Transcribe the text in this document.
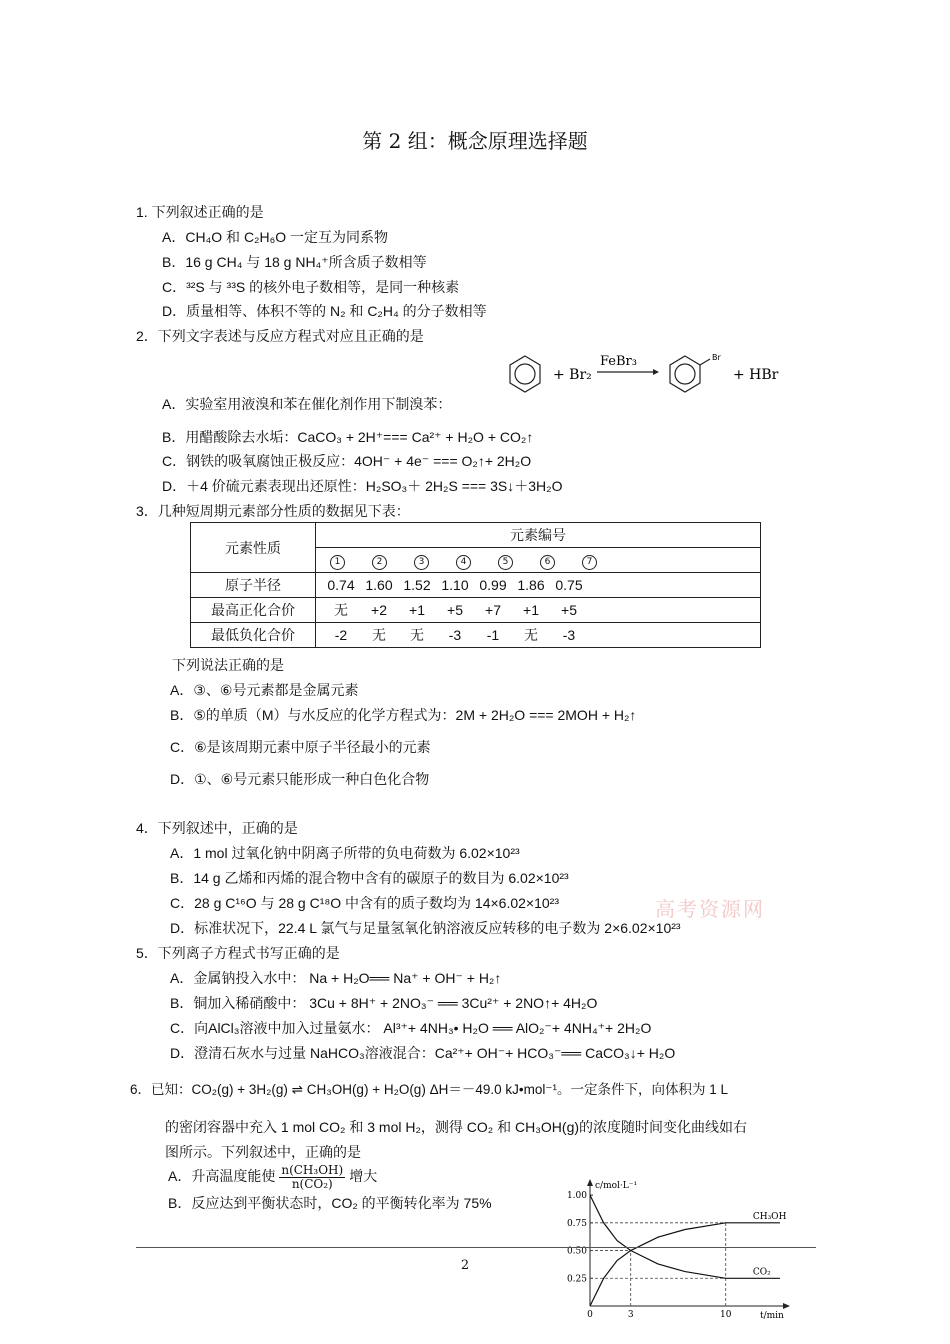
第 2 组：概念原理选择题
1. 下列叙述正确的是
A．CH₄O 和 C₂H₆O 一定互为同系物
B．16 g CH₄ 与 18 g NH₄⁺所含质子数相等
C．³²S 与 ³³S 的核外电子数相等，是同一种核素
D．质量相等、体积不等的 N₂ 和 C₂H₄ 的分子数相等
2．下列文字表述与反应方程式对应且正确的是
+ Br₂
FeBr₃	Br
+ HBr
A．实验室用液溴和苯在催化剂作用下制溴苯：
B．用醋酸除去水垢：CaCO₃ + 2H⁺=== Ca²⁺ + H₂O + CO₂↑
C．钢铁的吸氧腐蚀正极反应：4OH⁻ + 4e⁻ === O₂↑+ 2H₂O
D．＋4 价硫元素表现出还原性：H₂SO₃＋ 2H₂S === 3S↓＋3H₂O
3．几种短周期元素部分性质的数据见下表：
元素性质	元素编号
	1 2 3 4 5 6 7
原子半径	0.74 1.60 1.52 1.10 0.99 1.86 0.75
最高正化合价	无 +2 +1 +5 +7 +1 +5
最低负化合价	-2 无 无 -3 -1 无 -3
下列说法正确的是
A．③、⑥号元素都是金属元素
B．⑤的单质（M）与水反应的化学方程式为：2M + 2H₂O === 2MOH + H₂↑
C．⑥是该周期元素中原子半径最小的元素
D．①、⑥号元素只能形成一种白色化合物
4．下列叙述中，正确的是
A．1 mol 过氧化钠中阴离子所带的负电荷数为 6.02×10²³
B．14 g 乙烯和丙烯的混合物中含有的碳原子的数目为 6.02×10²³
C．28 g C¹⁶O 与 28 g C¹⁸O 中含有的质子数均为 14×6.02×10²³
D．标准状况下，22.4 L 氯气与足量氢氧化钠溶液反应转移的电子数为 2×6.02×10²³
高考资源网
5．下列离子方程式书写正确的是
A．金属钠投入水中： Na + H₂O══ Na⁺ + OH⁻ + H₂↑
B．铜加入稀硝酸中： 3Cu + 8H⁺ + 2NO₃⁻ ══ 3Cu²⁺ + 2NO↑+ 4H₂O
C．向AlCl₃溶液中加入过量氨水： Al³⁺+ 4NH₃• H₂O ══ AlO₂⁻+ 4NH₄⁺+ 2H₂O
D．澄清石灰水与过量 NaHCO₃溶液混合：Ca²⁺+ OH⁻+ HCO₃⁻══ CaCO₃↓+ H₂O
6．已知：CO₂(g) + 3H₂(g) ⇌ CH₃OH(g) + H₂O(g) ΔH＝－49.0 kJ•mol⁻¹。一定条件下，向体积为 1 L
的密闭容器中充入 1 mol CO₂ 和 3 mol H₂，测得 CO₂ 和 CH₃OH(g)的浓度随时间变化曲线如右
图所示。下列叙述中，正确的是
A．升高温度能使 $\frac{\text{n(CH₃OH)}}{\text{n(CO₂)}}$ 增大
B．反应达到平衡状态时，CO₂ 的平衡转化率为 75%
c/mol·L⁻¹
t/min
0.25
0.50
0.75
1.00
0	3	10
CH₃OH
CO₂
2
